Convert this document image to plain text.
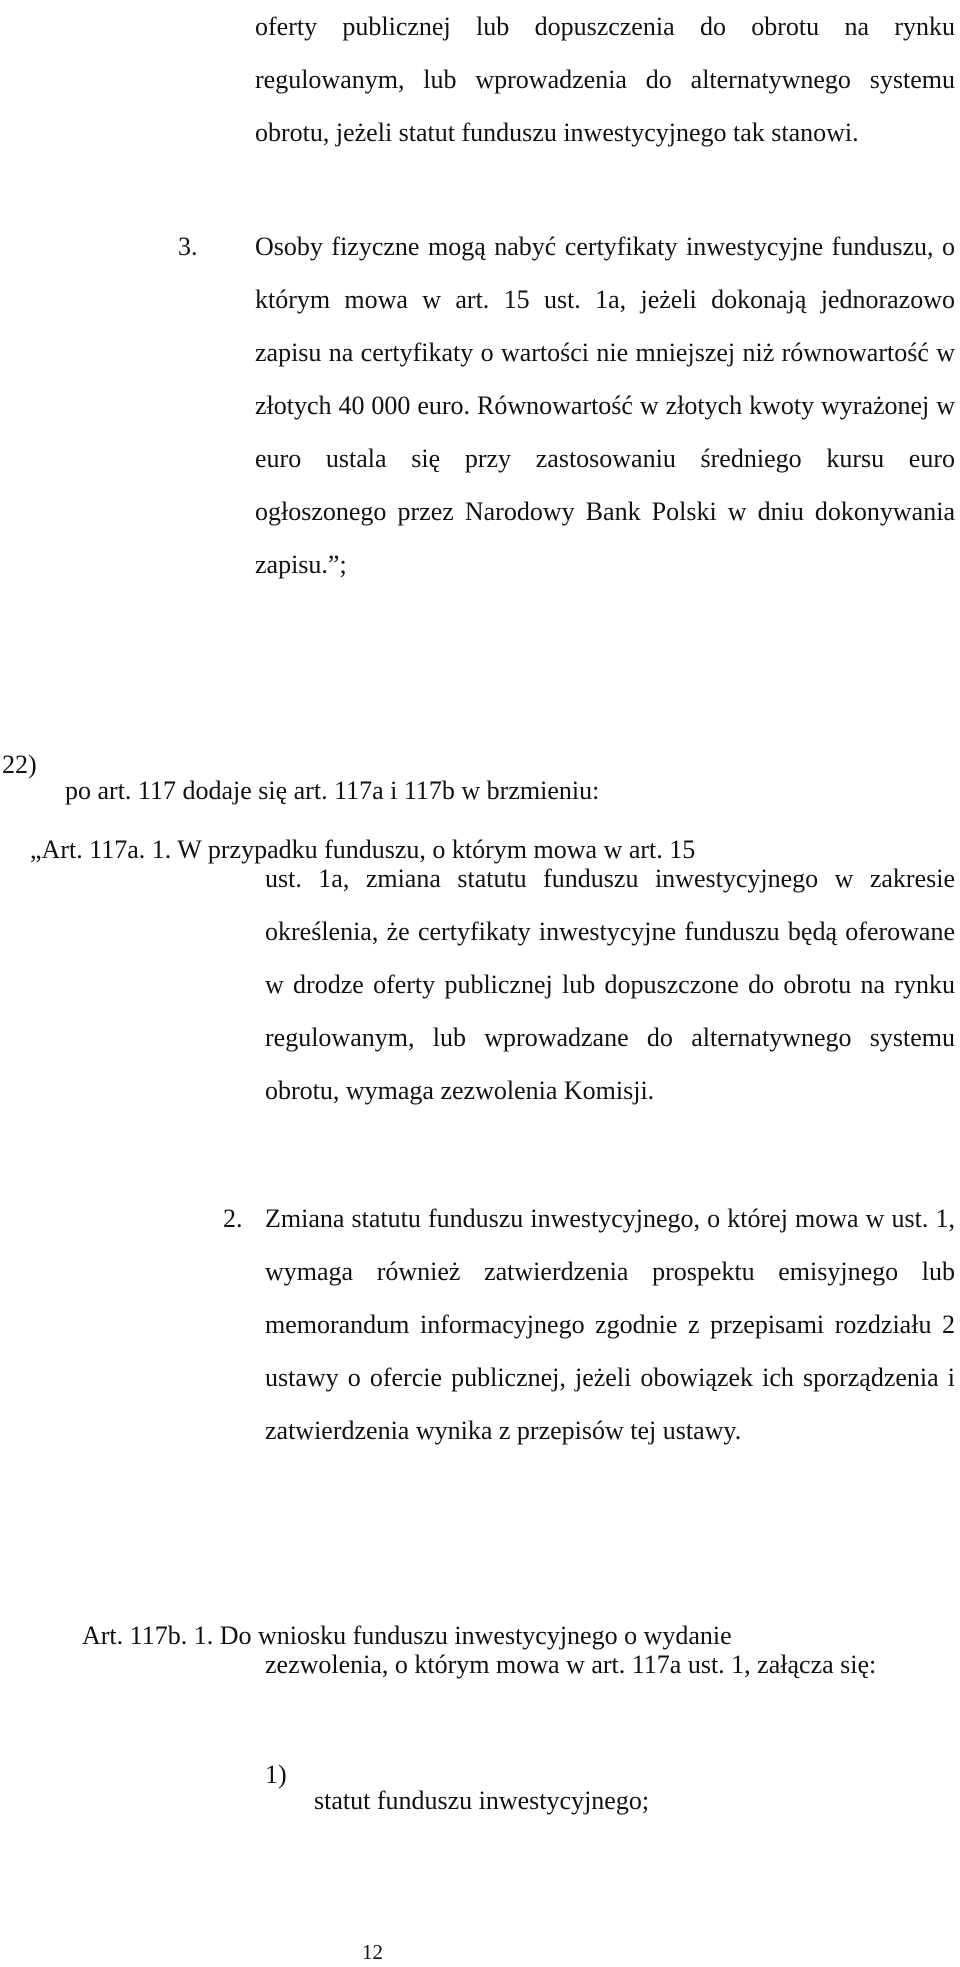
oferty publicznej lub dopuszczenia do obrotu na rynku regulowanym, lub wprowadzenia do alternatywnego systemu obrotu, jeżeli statut funduszu inwestycyjnego tak stanowi.

3. Osoby fizyczne mogą nabyć certyfikaty inwestycyjne funduszu, o którym mowa w art. 15 ust. 1a, jeżeli dokonają jednorazowo zapisu na certyfikaty o wartości nie mniejszej niż równowartość w złotych 40 000 euro. Równowartość w złotych kwoty wyrażonej w euro ustala się przy zastosowaniu średniego kursu euro ogłoszonego przez Narodowy Bank Polski w dniu dokonywania zapisu.”;

22)

po art. 117 dodaje się art. 117a i 117b w brzmieniu:

„Art. 117a. 1. W przypadku funduszu, o którym mowa w art. 15

ust. 1a, zmiana statutu funduszu inwestycyjnego w zakresie określenia, że certyfikaty inwestycyjne funduszu będą oferowane w drodze oferty publicznej lub dopuszczone do obrotu na rynku regulowanym, lub wprowadzane do alternatywnego systemu obrotu, wymaga zezwolenia Komisji.

2. Zmiana statutu funduszu inwestycyjnego, o której mowa w ust. 1, wymaga również zatwierdzenia prospektu emisyjnego lub memorandum informacyjnego zgodnie z przepisami rozdziału 2 ustawy o ofercie publicznej, jeżeli obowiązek ich sporządzenia i zatwierdzenia wynika z przepisów tej ustawy.

Art. 117b. 1. Do wniosku funduszu inwestycyjnego o wydanie

zezwolenia, o którym mowa w art. 117a ust. 1, załącza się:

1)

statut funduszu inwestycyjnego;

12
